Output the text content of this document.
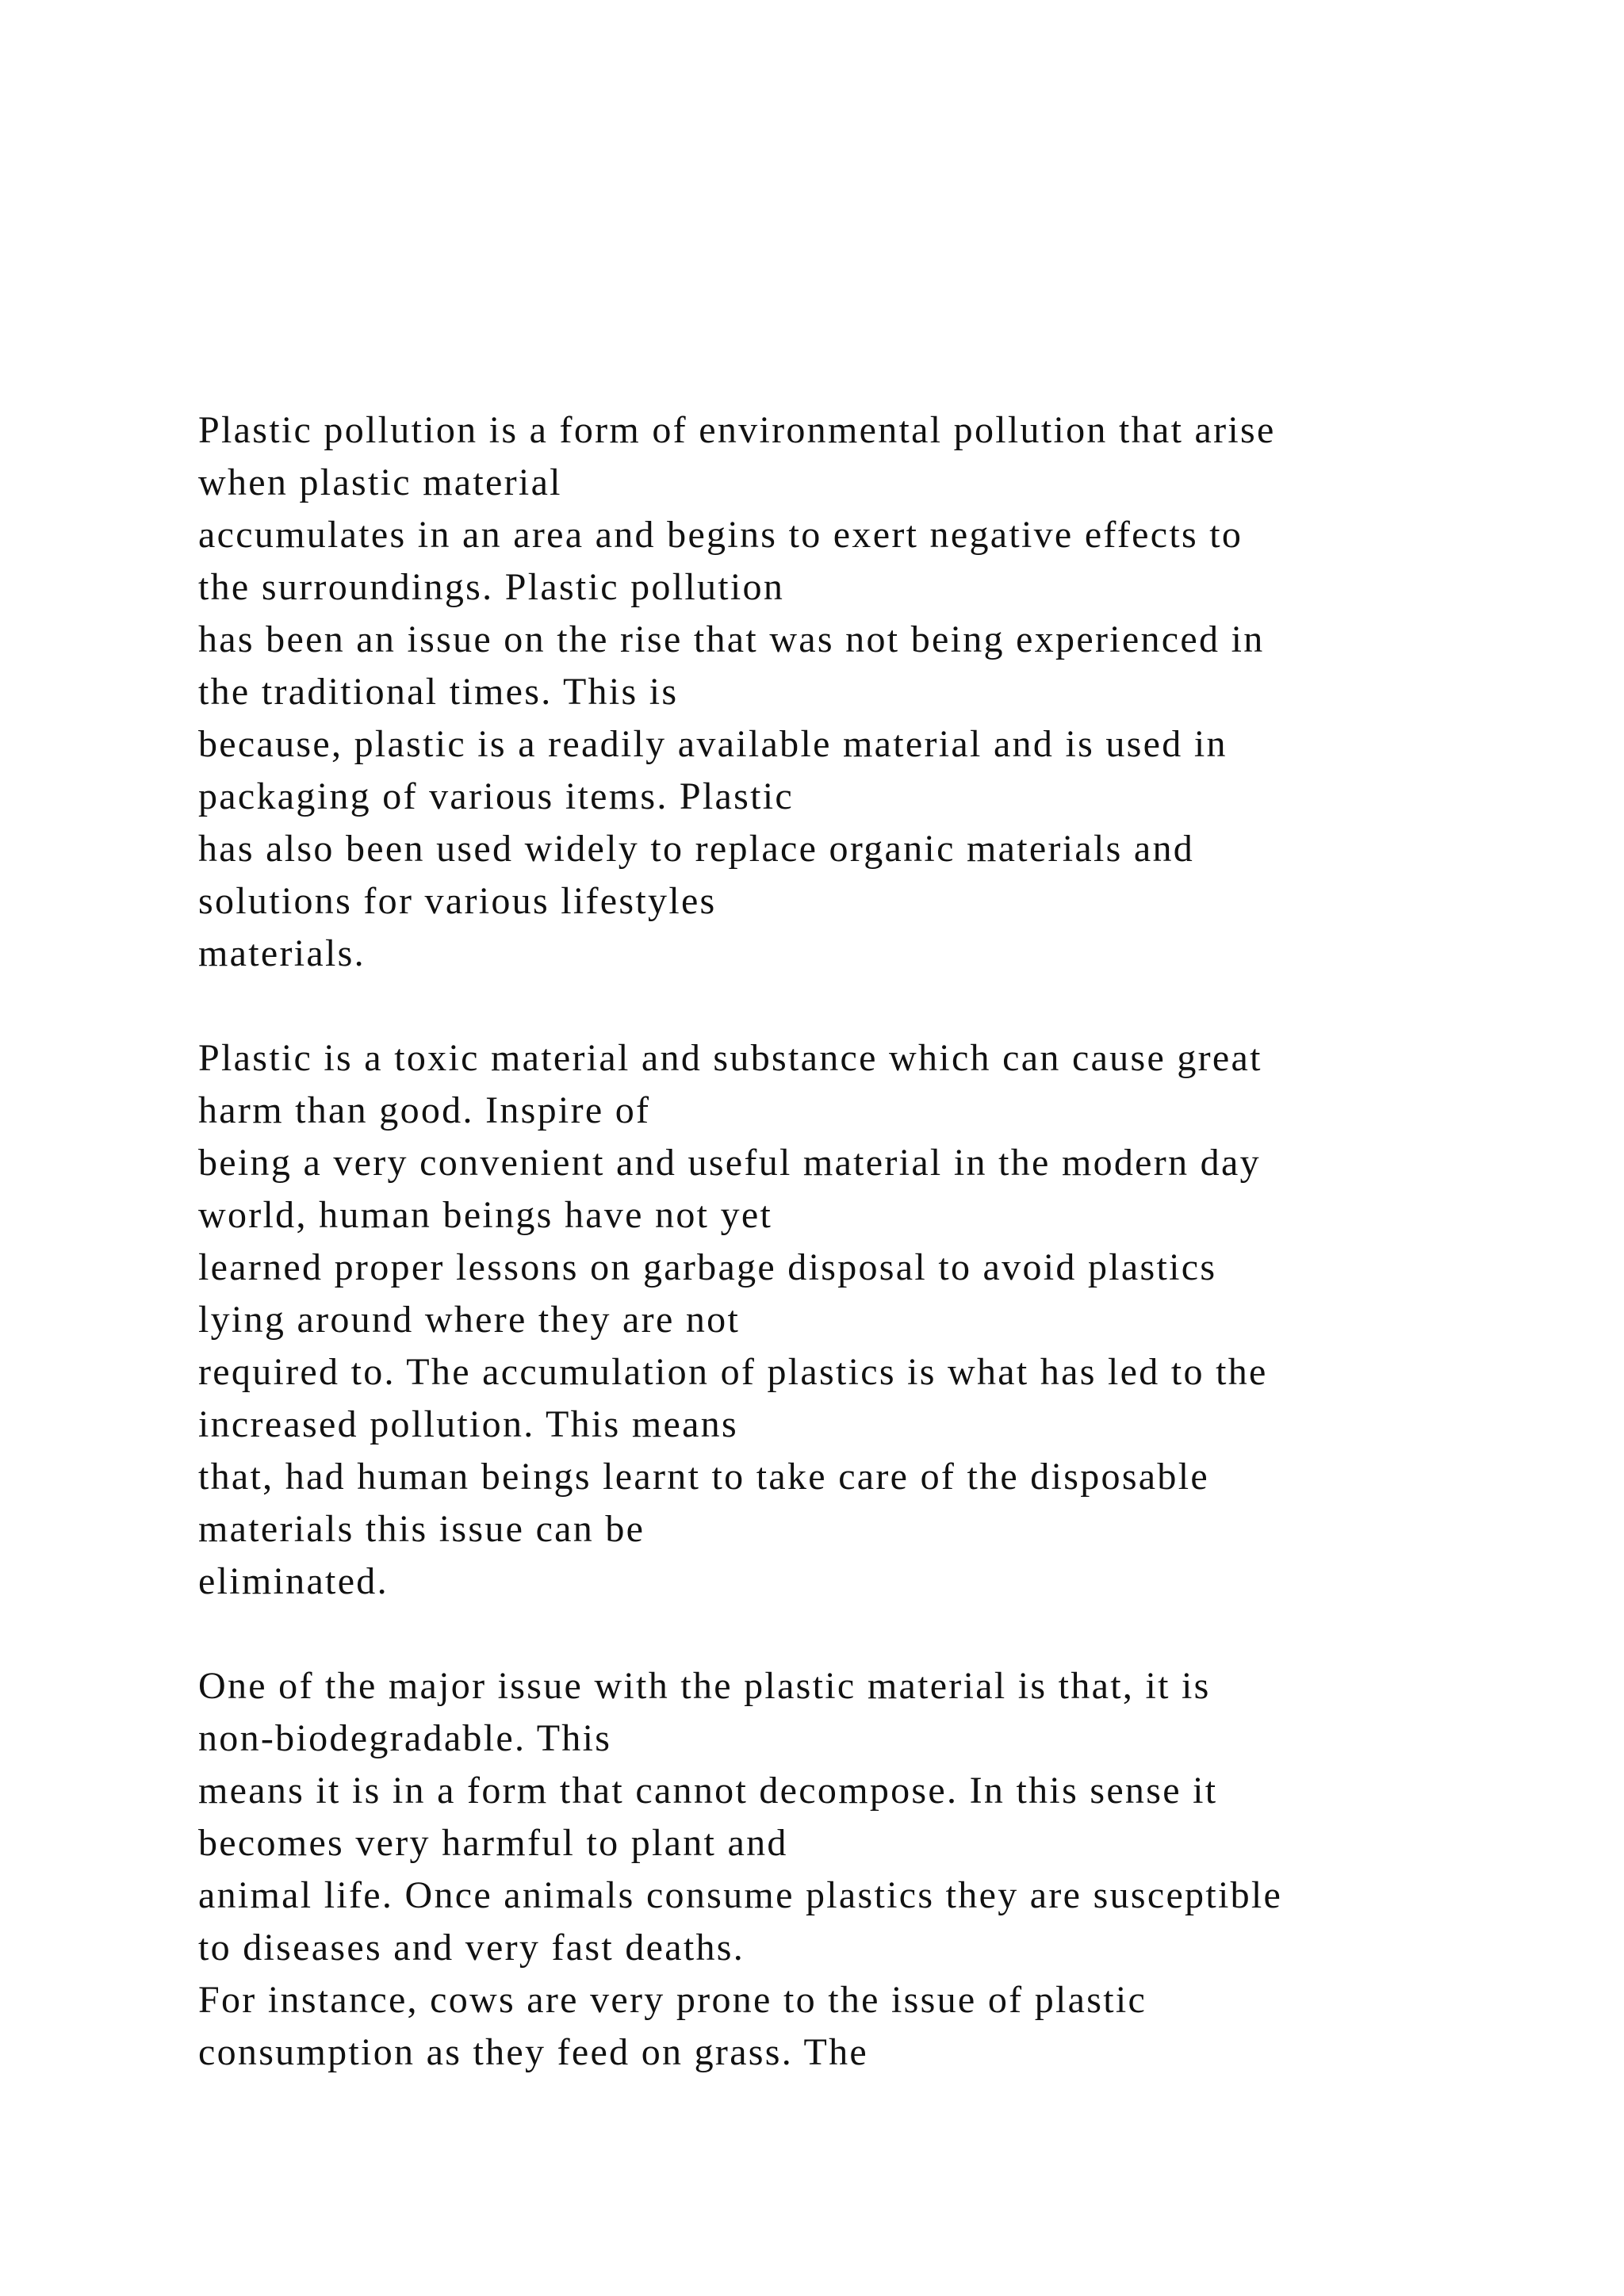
Plastic pollution is a form of environmental pollution that arise
when plastic material
accumulates in an area and begins to exert negative effects to
the surroundings. Plastic pollution
has been an issue on the rise that was not being experienced in
the traditional times. This is
because, plastic is a readily available material and is used in
packaging of various items. Plastic
has also been used widely to replace organic materials and
solutions for various lifestyles
materials.
Plastic is a toxic material and substance which can cause great
harm than good. Inspire of
being a very convenient and useful material in the modern day
world, human beings have not yet
learned proper lessons on garbage disposal to avoid plastics
lying around where they are not
required to. The accumulation of plastics is what has led to the
increased pollution. This means
that, had human beings learnt to take care of the disposable
materials this issue can be
eliminated.
One of the major issue with the plastic material is that, it is
non-biodegradable. This
means it is in a form that cannot decompose. In this sense it
becomes very harmful to plant and
animal life. Once animals consume plastics they are susceptible
to diseases and very fast deaths.
For instance, cows are very prone to the issue of plastic
consumption as they feed on grass. The
